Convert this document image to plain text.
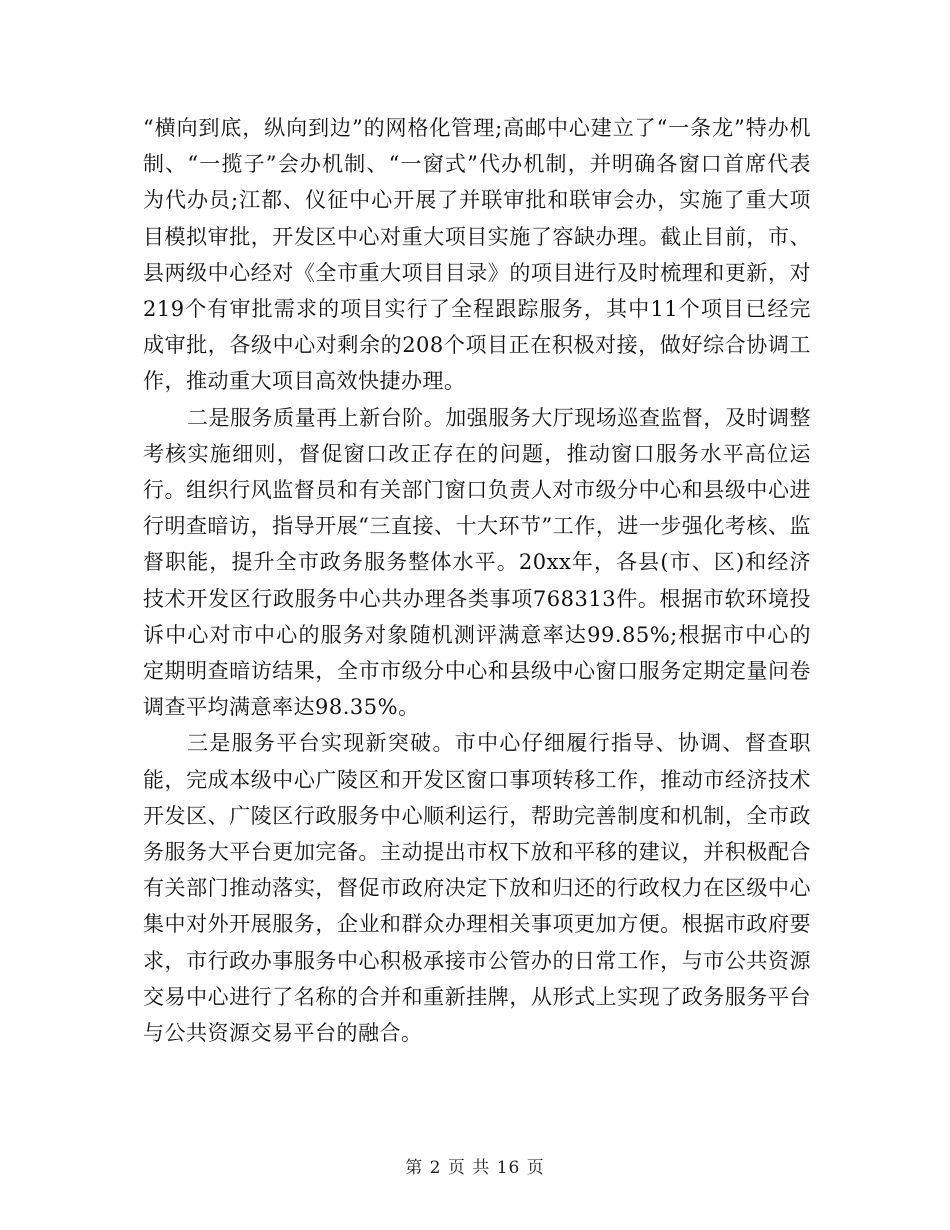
“横向到底，纵向到边”的网格化管理;高邮中心建立了“一条龙”特办机制、“一揽子”会办机制、“一窗式”代办机制，并明确各窗口首席代表为代办员;江都、仪征中心开展了并联审批和联审会办，实施了重大项目模拟审批，开发区中心对重大项目实施了容缺办理。截止目前，市、县两级中心经对《全市重大项目目录》的项目进行及时梳理和更新，对219个有审批需求的项目实行了全程跟踪服务，其中11个项目已经完成审批，各级中心对剩余的208个项目正在积极对接，做好综合协调工作，推动重大项目高效快捷办理。

二是服务质量再上新台阶。加强服务大厅现场巡查监督，及时调整考核实施细则，督促窗口改正存在的问题，推动窗口服务水平高位运行。组织行风监督员和有关部门窗口负责人对市级分中心和县级中心进行明查暗访，指导开展“三直接、十大环节”工作，进一步强化考核、监督职能，提升全市政务服务整体水平。20xx年，各县(市、区)和经济技术开发区行政服务中心共办理各类事项768313件。根据市软环境投诉中心对市中心的服务对象随机测评满意率达99.85%;根据市中心的定期明查暗访结果，全市市级分中心和县级中心窗口服务定期定量问卷调查平均满意率达98.35%。

三是服务平台实现新突破。市中心仔细履行指导、协调、督查职能，完成本级中心广陵区和开发区窗口事项转移工作，推动市经济技术开发区、广陵区行政服务中心顺利运行，帮助完善制度和机制，全市政务服务大平台更加完备。主动提出市权下放和平移的建议，并积极配合有关部门推动落实，督促市政府决定下放和归还的行政权力在区级中心集中对外开展服务，企业和群众办理相关事项更加方便。根据市政府要求，市行政办事服务中心积极承接市公管办的日常工作，与市公共资源交易中心进行了名称的合并和重新挂牌，从形式上实现了政务服务平台与公共资源交易平台的融合。

第 2 页 共 16 页
